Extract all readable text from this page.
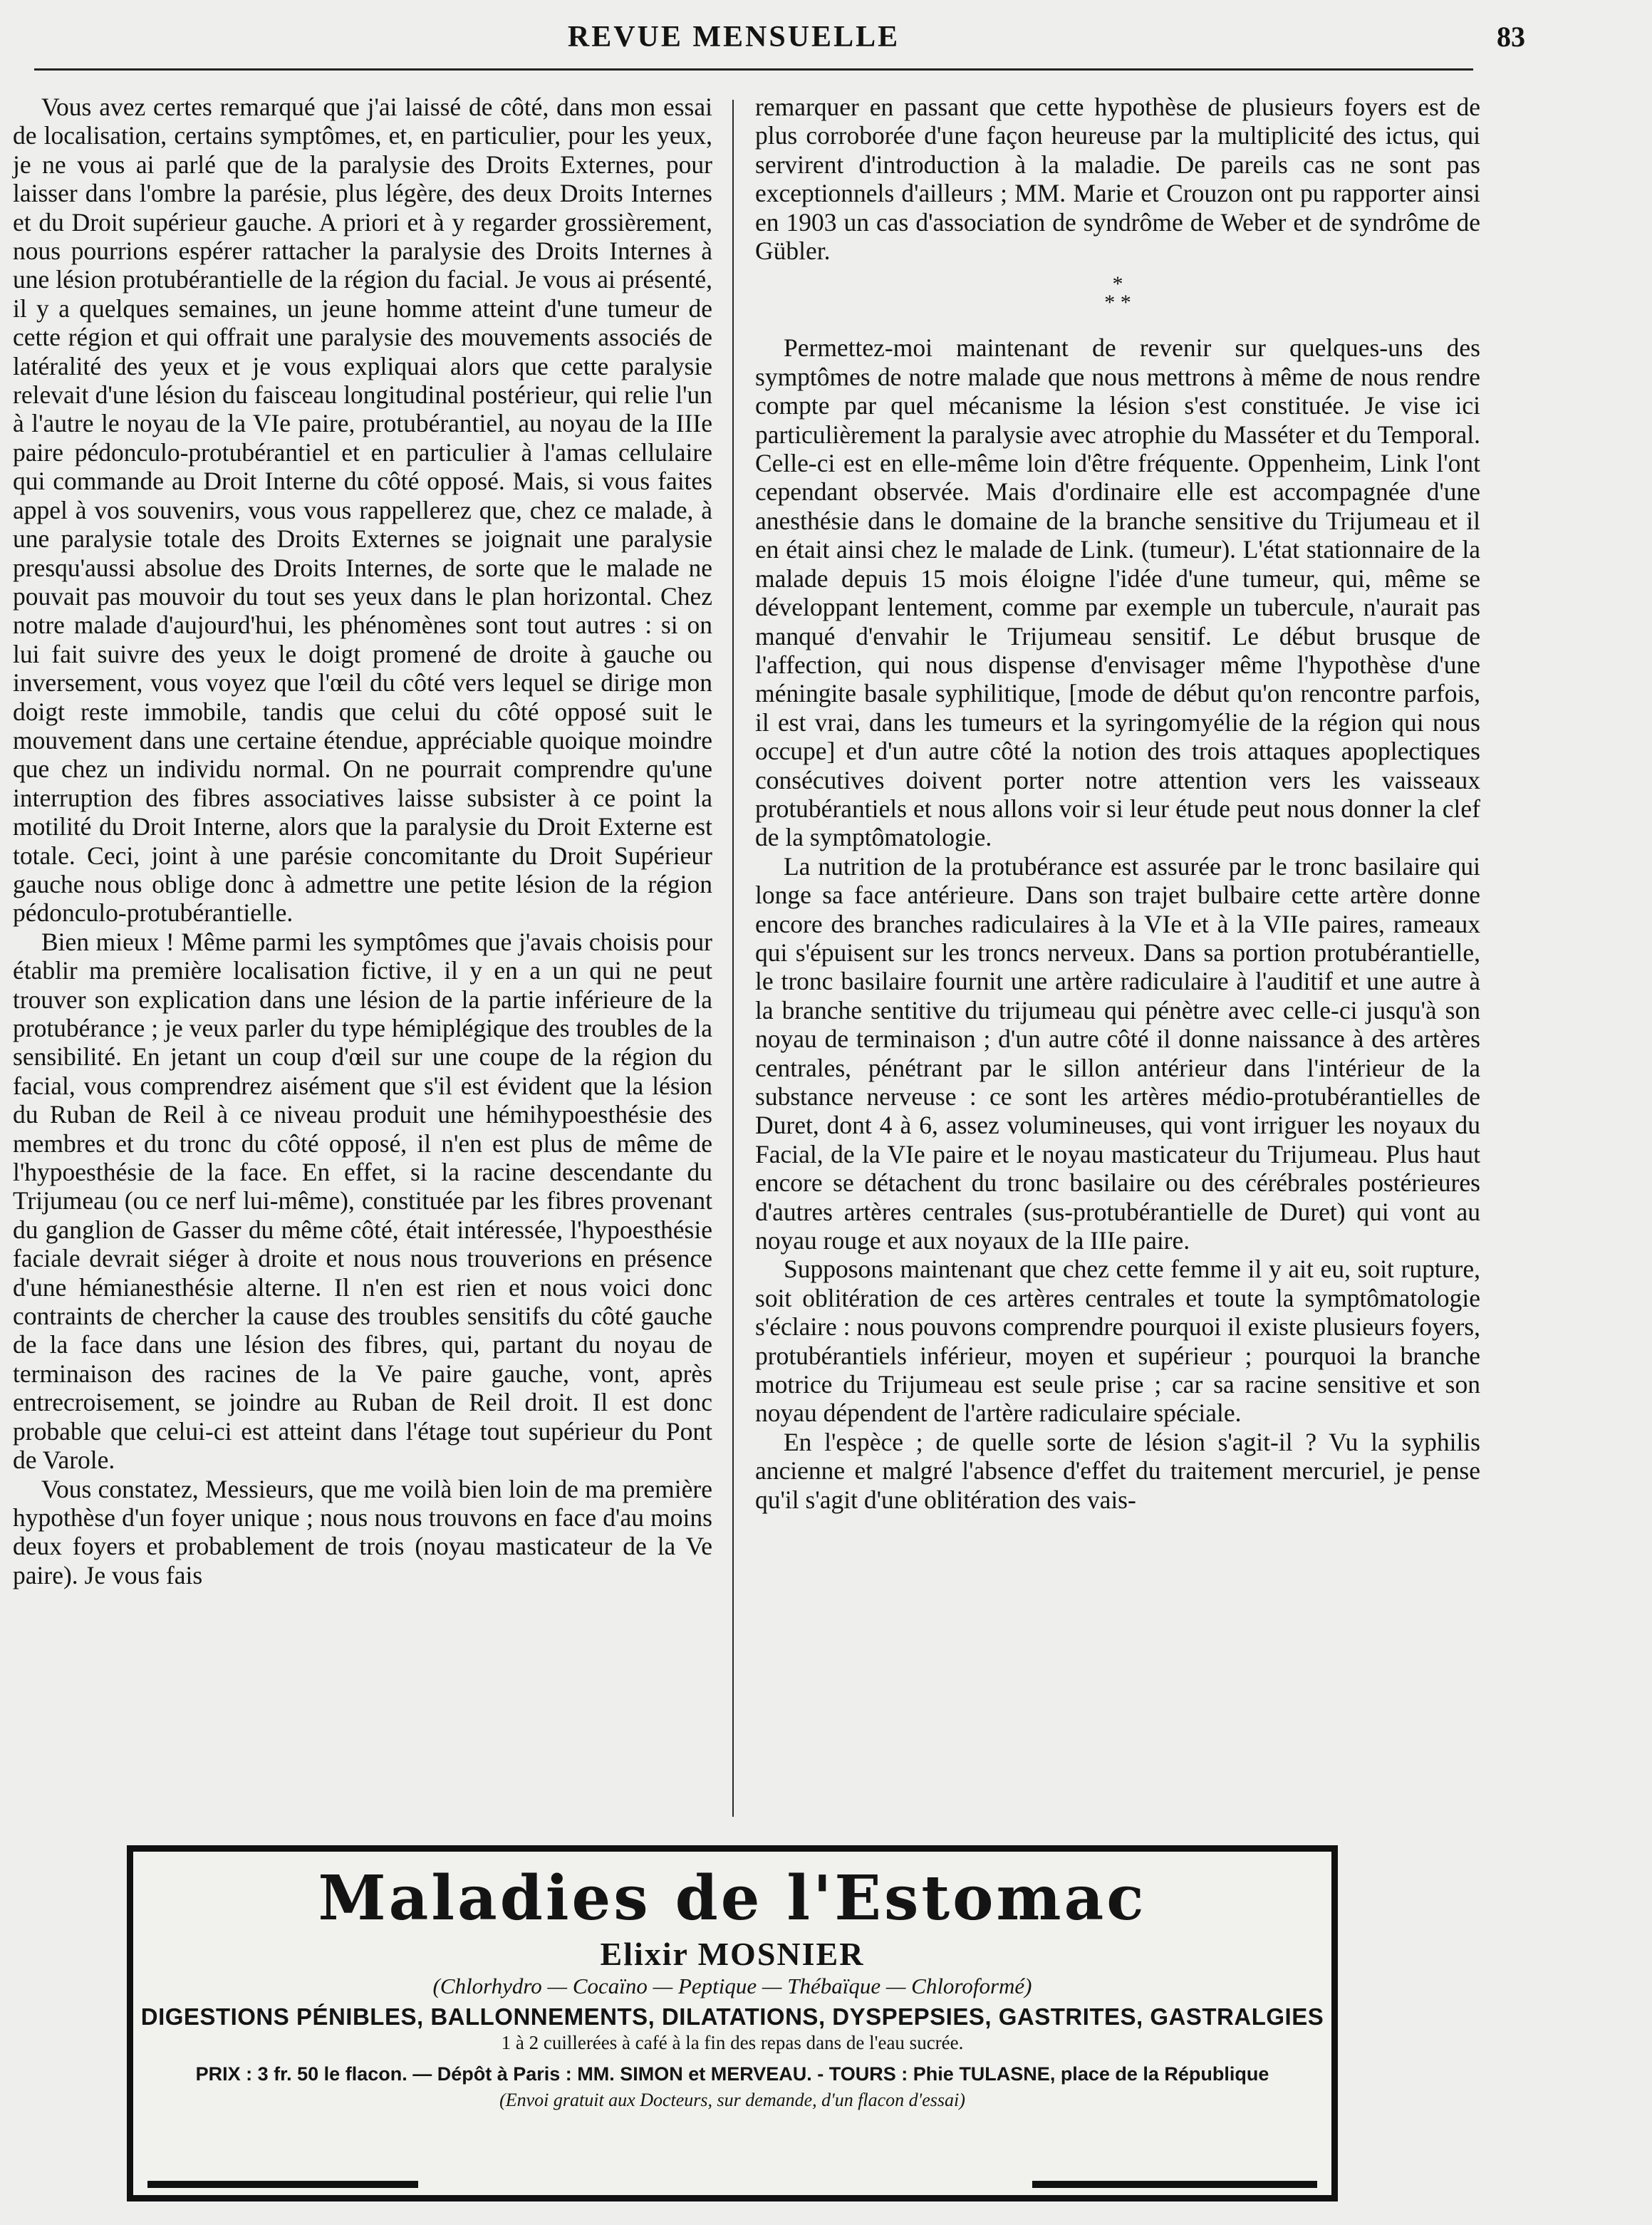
REVUE MENSUELLE	83

Vous avez certes remarqué que j'ai laissé de côté, dans mon essai de localisation, certains symptômes, et, en particulier, pour les yeux, je ne vous ai parlé que de la paralysie des Droits Externes, pour laisser dans l'ombre la parésie, plus légère, des deux Droits Internes et du Droit supérieur gauche. A priori et à y regarder grossièrement, nous pourrions espérer rattacher la paralysie des Droits Internes à une lésion protubérantielle de la région du facial. Je vous ai présenté, il y a quelques semaines, un jeune homme atteint d'une tumeur de cette région et qui offrait une paralysie des mouvements associés de latéralité des yeux et je vous expliquai alors que cette paralysie relevait d'une lésion du faisceau longitudinal postérieur, qui relie l'un à l'autre le noyau de la VIe paire, protubérantiel, au noyau de la IIIe paire pédonculo-protubérantiel et en particulier à l'amas cellulaire qui commande au Droit Interne du côté opposé. Mais, si vous faites appel à vos souvenirs, vous vous rappellerez que, chez ce malade, à une paralysie totale des Droits Externes se joignait une paralysie presqu'aussi absolue des Droits Internes, de sorte que le malade ne pouvait pas mouvoir du tout ses yeux dans le plan horizontal. Chez notre malade d'aujourd'hui, les phénomènes sont tout autres : si on lui fait suivre des yeux le doigt promené de droite à gauche ou inversement, vous voyez que l'œil du côté vers lequel se dirige mon doigt reste immobile, tandis que celui du côté opposé suit le mouvement dans une certaine étendue, appréciable quoique moindre que chez un individu normal. On ne pourrait comprendre qu'une interruption des fibres associatives laisse subsister à ce point la motilité du Droit Interne, alors que la paralysie du Droit Externe est totale. Ceci, joint à une parésie concomitante du Droit Supérieur gauche nous oblige donc à admettre une petite lésion de la région pédonculo-protubérantielle.

Bien mieux ! Même parmi les symptômes que j'avais choisis pour établir ma première localisation fictive, il y en a un qui ne peut trouver son explication dans une lésion de la partie inférieure de la protubérance ; je veux parler du type hémiplégique des troubles de la sensibilité. En jetant un coup d'œil sur une coupe de la région du facial, vous comprendrez aisément que s'il est évident que la lésion du Ruban de Reil à ce niveau produit une hémihypoesthésie des membres et du tronc du côté opposé, il n'en est plus de même de l'hypoesthésie de la face. En effet, si la racine descendante du Trijumeau (ou ce nerf lui-même), constituée par les fibres provenant du ganglion de Gasser du même côté, était intéressée, l'hypoesthésie faciale devrait siéger à droite et nous nous trouverions en présence d'une hémianesthésie alterne. Il n'en est rien et nous voici donc contraints de chercher la cause des troubles sensitifs du côté gauche de la face dans une lésion des fibres, qui, partant du noyau de terminaison des racines de la Ve paire gauche, vont, après entrecroisement, se joindre au Ruban de Reil droit. Il est donc probable que celui-ci est atteint dans l'étage tout supérieur du Pont de Varole.

Vous constatez, Messieurs, que me voilà bien loin de ma première hypothèse d'un foyer unique ; nous nous trouvons en face d'au moins deux foyers et probablement de trois (noyau masticateur de la Ve paire). Je vous fais

remarquer en passant que cette hypothèse de plusieurs foyers est de plus corroborée d'une façon heureuse par la multiplicité des ictus, qui servirent d'introduction à la maladie. De pareils cas ne sont pas exceptionnels d'ailleurs ; MM. Marie et Crouzon ont pu rapporter ainsi en 1903 un cas d'association de syndrôme de Weber et de syndrôme de Gübler.

*
* *

Permettez-moi maintenant de revenir sur quelques-uns des symptômes de notre malade que nous mettrons à même de nous rendre compte par quel mécanisme la lésion s'est constituée. Je vise ici particulièrement la paralysie avec atrophie du Masséter et du Temporal. Celle-ci est en elle-même loin d'être fréquente. Oppenheim, Link l'ont cependant observée. Mais d'ordinaire elle est accompagnée d'une anesthésie dans le domaine de la branche sensitive du Trijumeau et il en était ainsi chez le malade de Link. (tumeur). L'état stationnaire de la malade depuis 15 mois éloigne l'idée d'une tumeur, qui, même se développant lentement, comme par exemple un tubercule, n'aurait pas manqué d'envahir le Trijumeau sensitif. Le début brusque de l'affection, qui nous dispense d'envisager même l'hypothèse d'une méningite basale syphilitique, [mode de début qu'on rencontre parfois, il est vrai, dans les tumeurs et la syringomyélie de la région qui nous occupe] et d'un autre côté la notion des trois attaques apoplectiques consécutives doivent porter notre attention vers les vaisseaux protubérantiels et nous allons voir si leur étude peut nous donner la clef de la symptômatologie.

La nutrition de la protubérance est assurée par le tronc basilaire qui longe sa face antérieure. Dans son trajet bulbaire cette artère donne encore des branches radiculaires à la VIe et à la VIIe paires, rameaux qui s'épuisent sur les troncs nerveux. Dans sa portion protubérantielle, le tronc basilaire fournit une artère radiculaire à l'auditif et une autre à la branche sentitive du trijumeau qui pénètre avec celle-ci jusqu'à son noyau de terminaison ; d'un autre côté il donne naissance à des artères centrales, pénétrant par le sillon antérieur dans l'intérieur de la substance nerveuse : ce sont les artères médio-protubérantielles de Duret, dont 4 à 6, assez volumineuses, qui vont irriguer les noyaux du Facial, de la VIe paire et le noyau masticateur du Trijumeau. Plus haut encore se détachent du tronc basilaire ou des cérébrales postérieures d'autres artères centrales (sus-protubérantielle de Duret) qui vont au noyau rouge et aux noyaux de la IIIe paire.

Supposons maintenant que chez cette femme il y ait eu, soit rupture, soit oblitération de ces artères centrales et toute la symptômatologie s'éclaire : nous pouvons comprendre pourquoi il existe plusieurs foyers, protubérantiels inférieur, moyen et supérieur ; pourquoi la branche motrice du Trijumeau est seule prise ; car sa racine sensitive et son noyau dépendent de l'artère radiculaire spéciale.

En l'espèce ; de quelle sorte de lésion s'agit-il ? Vu la syphilis ancienne et malgré l'absence d'effet du traitement mercuriel, je pense qu'il s'agit d'une oblitération des vais-

Maladies de l'Estomac
Elixir MOSNIER
(Chlorhydro — Cocaïno — Peptique — Thébaïque — Chloroformé)
DIGESTIONS PÉNIBLES, BALLONNEMENTS, DILATATIONS, DYSPEPSIES, GASTRITES, GASTRALGIES
1 à 2 cuillerées à café à la fin des repas dans de l'eau sucrée.
PRIX : 3 fr. 50 le flacon. — Dépôt à Paris : MM. SIMON et MERVEAU. - TOURS : Phie TULASNE, place de la République
(Envoi gratuit aux Docteurs, sur demande, d'un flacon d'essai)
